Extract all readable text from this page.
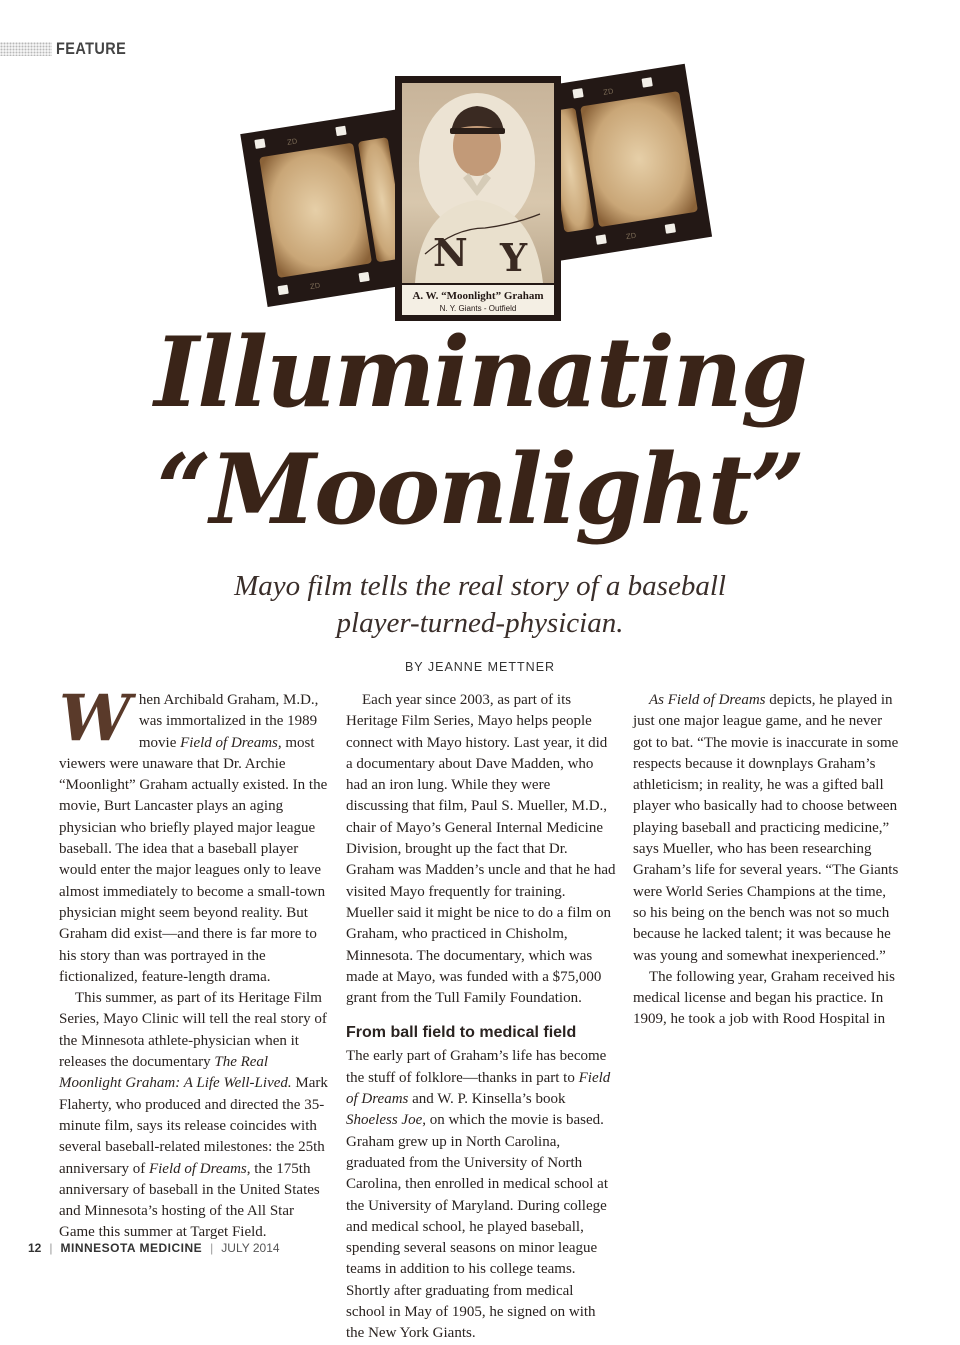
FEATURE
ZD
ZD
ZD
ZD
N Y
A. W. “Moonlight” Graham
N. Y. Giants - Outfield
Illuminating
“Moonlight”
Mayo film tells the real story of a baseball
player-turned-physician.
BY JEANNE METTNER

When Archibald Graham, M.D., was immortalized in the 1989 movie Field of Dreams, most viewers were unaware that Dr. Archie “Moonlight” Graham actually existed. In the movie, Burt Lancaster plays an aging physician who briefly played major league baseball. The idea that a baseball player would enter the major leagues only to leave almost immediately to become a small-town physician might seem beyond reality. But Graham did exist—and there is far more to his story than was portrayed in the fictionalized, feature-length drama.

This summer, as part of its Heritage Film Series, Mayo Clinic will tell the real story of the Minnesota athlete-physician when it releases the documentary The Real Moonlight Graham: A Life Well-Lived. Mark Flaherty, who produced and directed the 35-minute film, says its release coincides with several baseball-related milestones: the 25th anniversary of Field of Dreams, the 175th anniversary of baseball in the United States and Minnesota’s hosting of the All Star Game this summer at Target Field.

Each year since 2003, as part of its Heritage Film Series, Mayo helps people connect with Mayo history. Last year, it did a documentary about Dave Madden, who had an iron lung. While they were discussing that film, Paul S. Mueller, M.D., chair of Mayo’s General Internal Medicine Division, brought up the fact that Dr. Graham was Madden’s uncle and that he had visited Mayo frequently for training. Mueller said it might be nice to do a film on Graham, who practiced in Chisholm, Minnesota. The documentary, which was made at Mayo, was funded with a $75,000 grant from the Tull Family Foundation.

From ball field to medical field

The early part of Graham’s life has become the stuff of folklore—thanks in part to Field of Dreams and W. P. Kinsella’s book Shoeless Joe, on which the movie is based. Graham grew up in North Carolina, graduated from the University of North Carolina, then enrolled in medical school at the University of Maryland. During college and medical school, he played baseball, spending several seasons on minor league teams in addition to his college teams. Shortly after graduating from medical school in May of 1905, he signed on with the New York Giants.

As Field of Dreams depicts, he played in just one major league game, and he never got to bat. “The movie is inaccurate in some respects because it downplays Graham’s athleticism; in reality, he was a gifted ball player who basically had to choose between playing baseball and practicing medicine,” says Mueller, who has been researching Graham’s life for several years. “The Giants were World Series Champions at the time, so his being on the bench was not so much because he lacked talent; it was because he was young and somewhat inexperienced.”

The following year, Graham received his medical license and began his practice. In 1909, he took a job with Rood Hospital in

12 | MINNESOTA MEDICINE | JULY 2014
